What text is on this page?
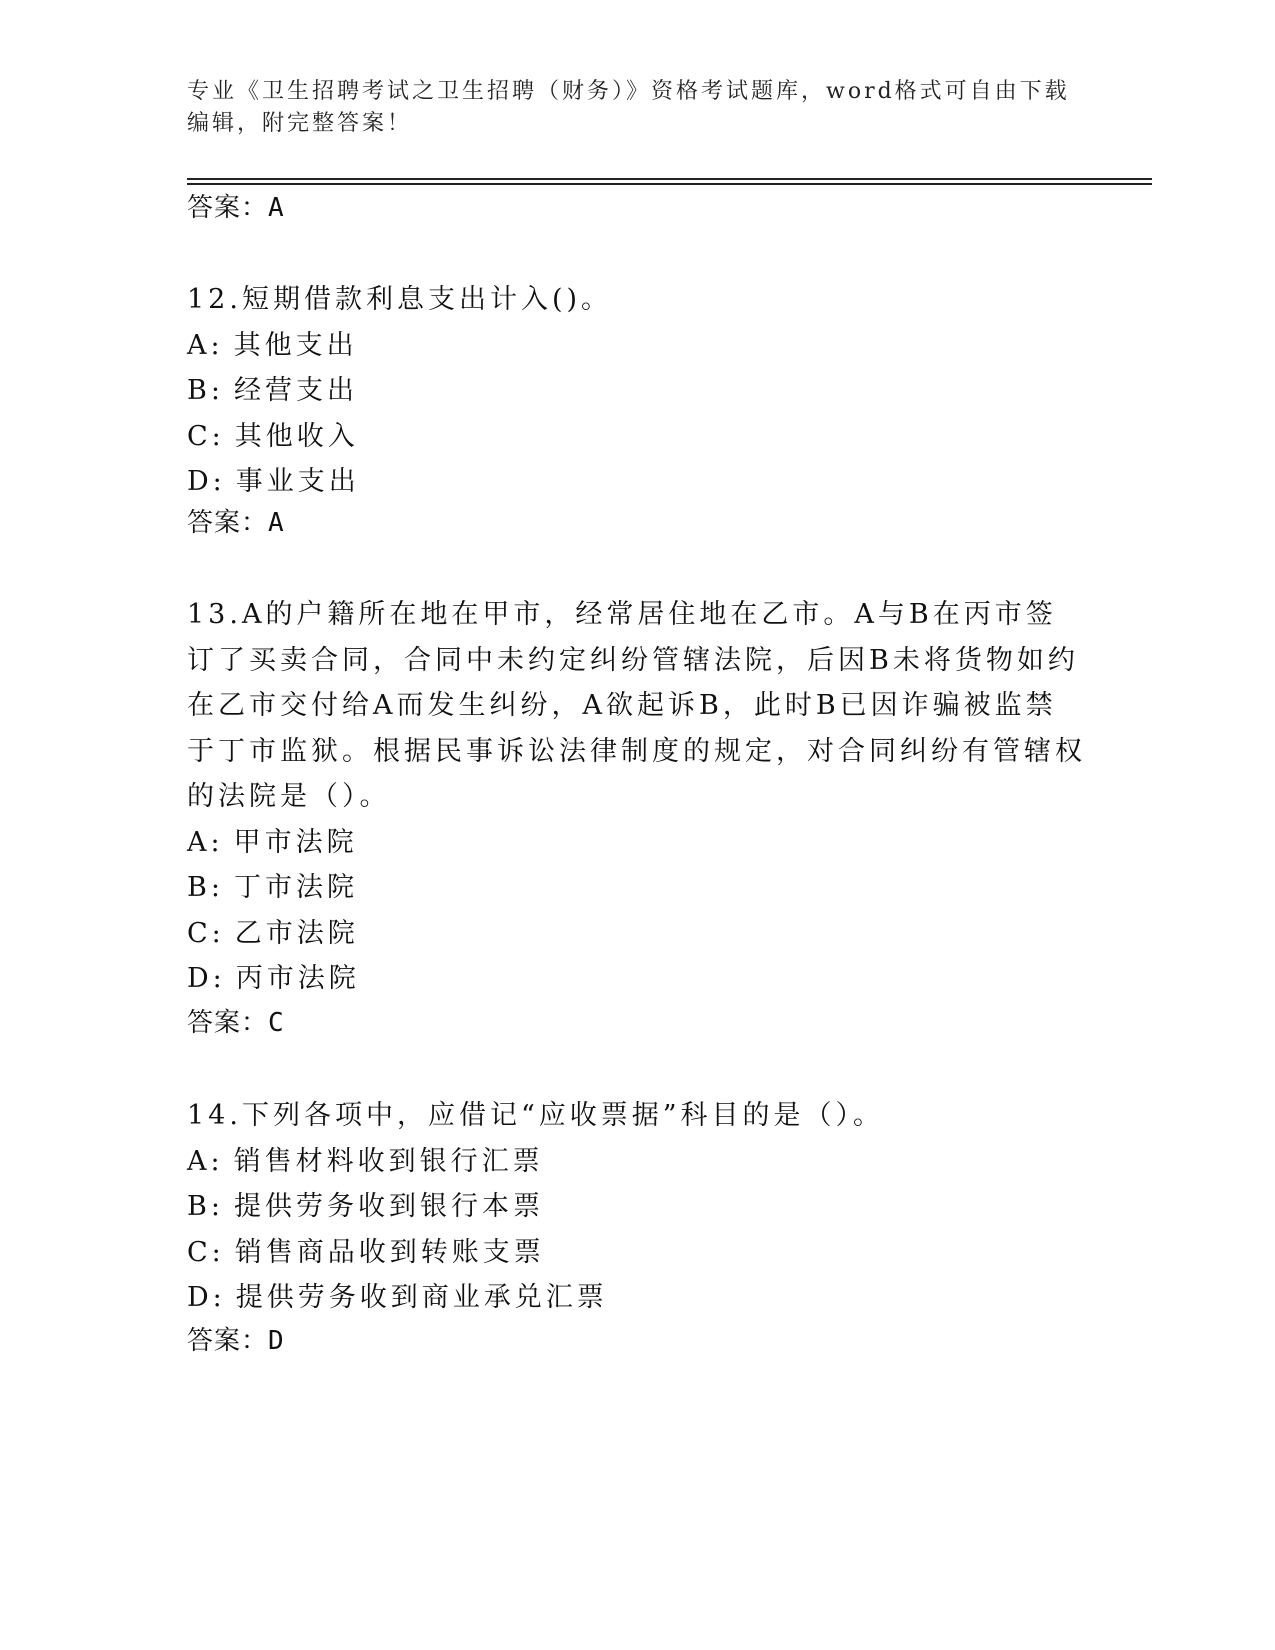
专业《卫生招聘考试之卫生招聘（财务）》资格考试题库，word格式可自由下载编辑，附完整答案！
答案：A
12.短期借款利息支出计入()。
A: 其他支出
B: 经营支出
C: 其他收入
D: 事业支出
答案：A
13.A的户籍所在地在甲市，经常居住地在乙市。A与B在丙市签订了买卖合同，合同中未约定纠纷管辖法院，后因B未将货物如约在乙市交付给A而发生纠纷，A欲起诉B，此时B已因诈骗被监禁于丁市监狱。根据民事诉讼法律制度的规定，对合同纠纷有管辖权的法院是（）。
A: 甲市法院
B: 丁市法院
C: 乙市法院
D: 丙市法院
答案：C
14.下列各项中，应借记“应收票据”科目的是（）。
A: 销售材料收到银行汇票
B: 提供劳务收到银行本票
C: 销售商品收到转账支票
D: 提供劳务收到商业承兑汇票
答案：D
